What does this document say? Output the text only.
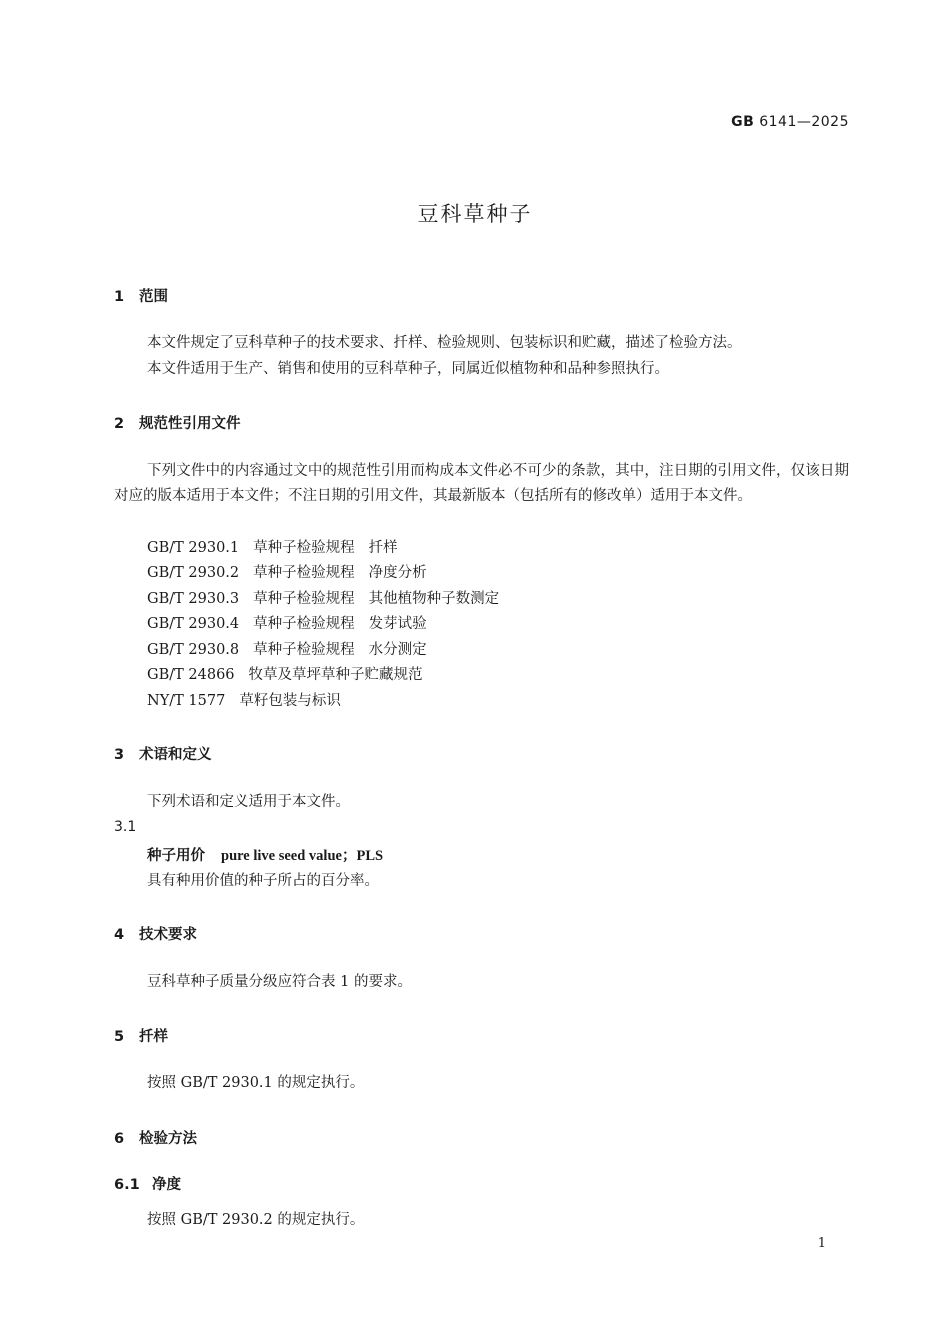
GB 6141—2025
豆科草种子
1 范围
本文件规定了豆科草种子的技术要求、扦样、检验规则、包装标识和贮藏，描述了检验方法。
本文件适用于生产、销售和使用的豆科草种子，同属近似植物种和品种参照执行。
2 规范性引用文件
下列文件中的内容通过文中的规范性引用而构成本文件必不可少的条款，其中，注日期的引用文件，仅该日期对应的版本适用于本文件；不注日期的引用文件，其最新版本（包括所有的修改单）适用于本文件。
GB/T 2930.1 草种子检验规程 扦样
GB/T 2930.2 草种子检验规程 净度分析
GB/T 2930.3 草种子检验规程 其他植物种子数测定
GB/T 2930.4 草种子检验规程 发芽试验
GB/T 2930.8 草种子检验规程 水分测定
GB/T 24866 牧草及草坪草种子贮藏规范
NY/T 1577 草籽包装与标识
3 术语和定义
下列术语和定义适用于本文件。
3.1
种子用价 pure live seed value；PLS
具有种用价值的种子所占的百分率。
4 技术要求
豆科草种子质量分级应符合表 1 的要求。
5 扦样
按照 GB/T 2930.1 的规定执行。
6 检验方法
6.1 净度
按照 GB/T 2930.2 的规定执行。
1
